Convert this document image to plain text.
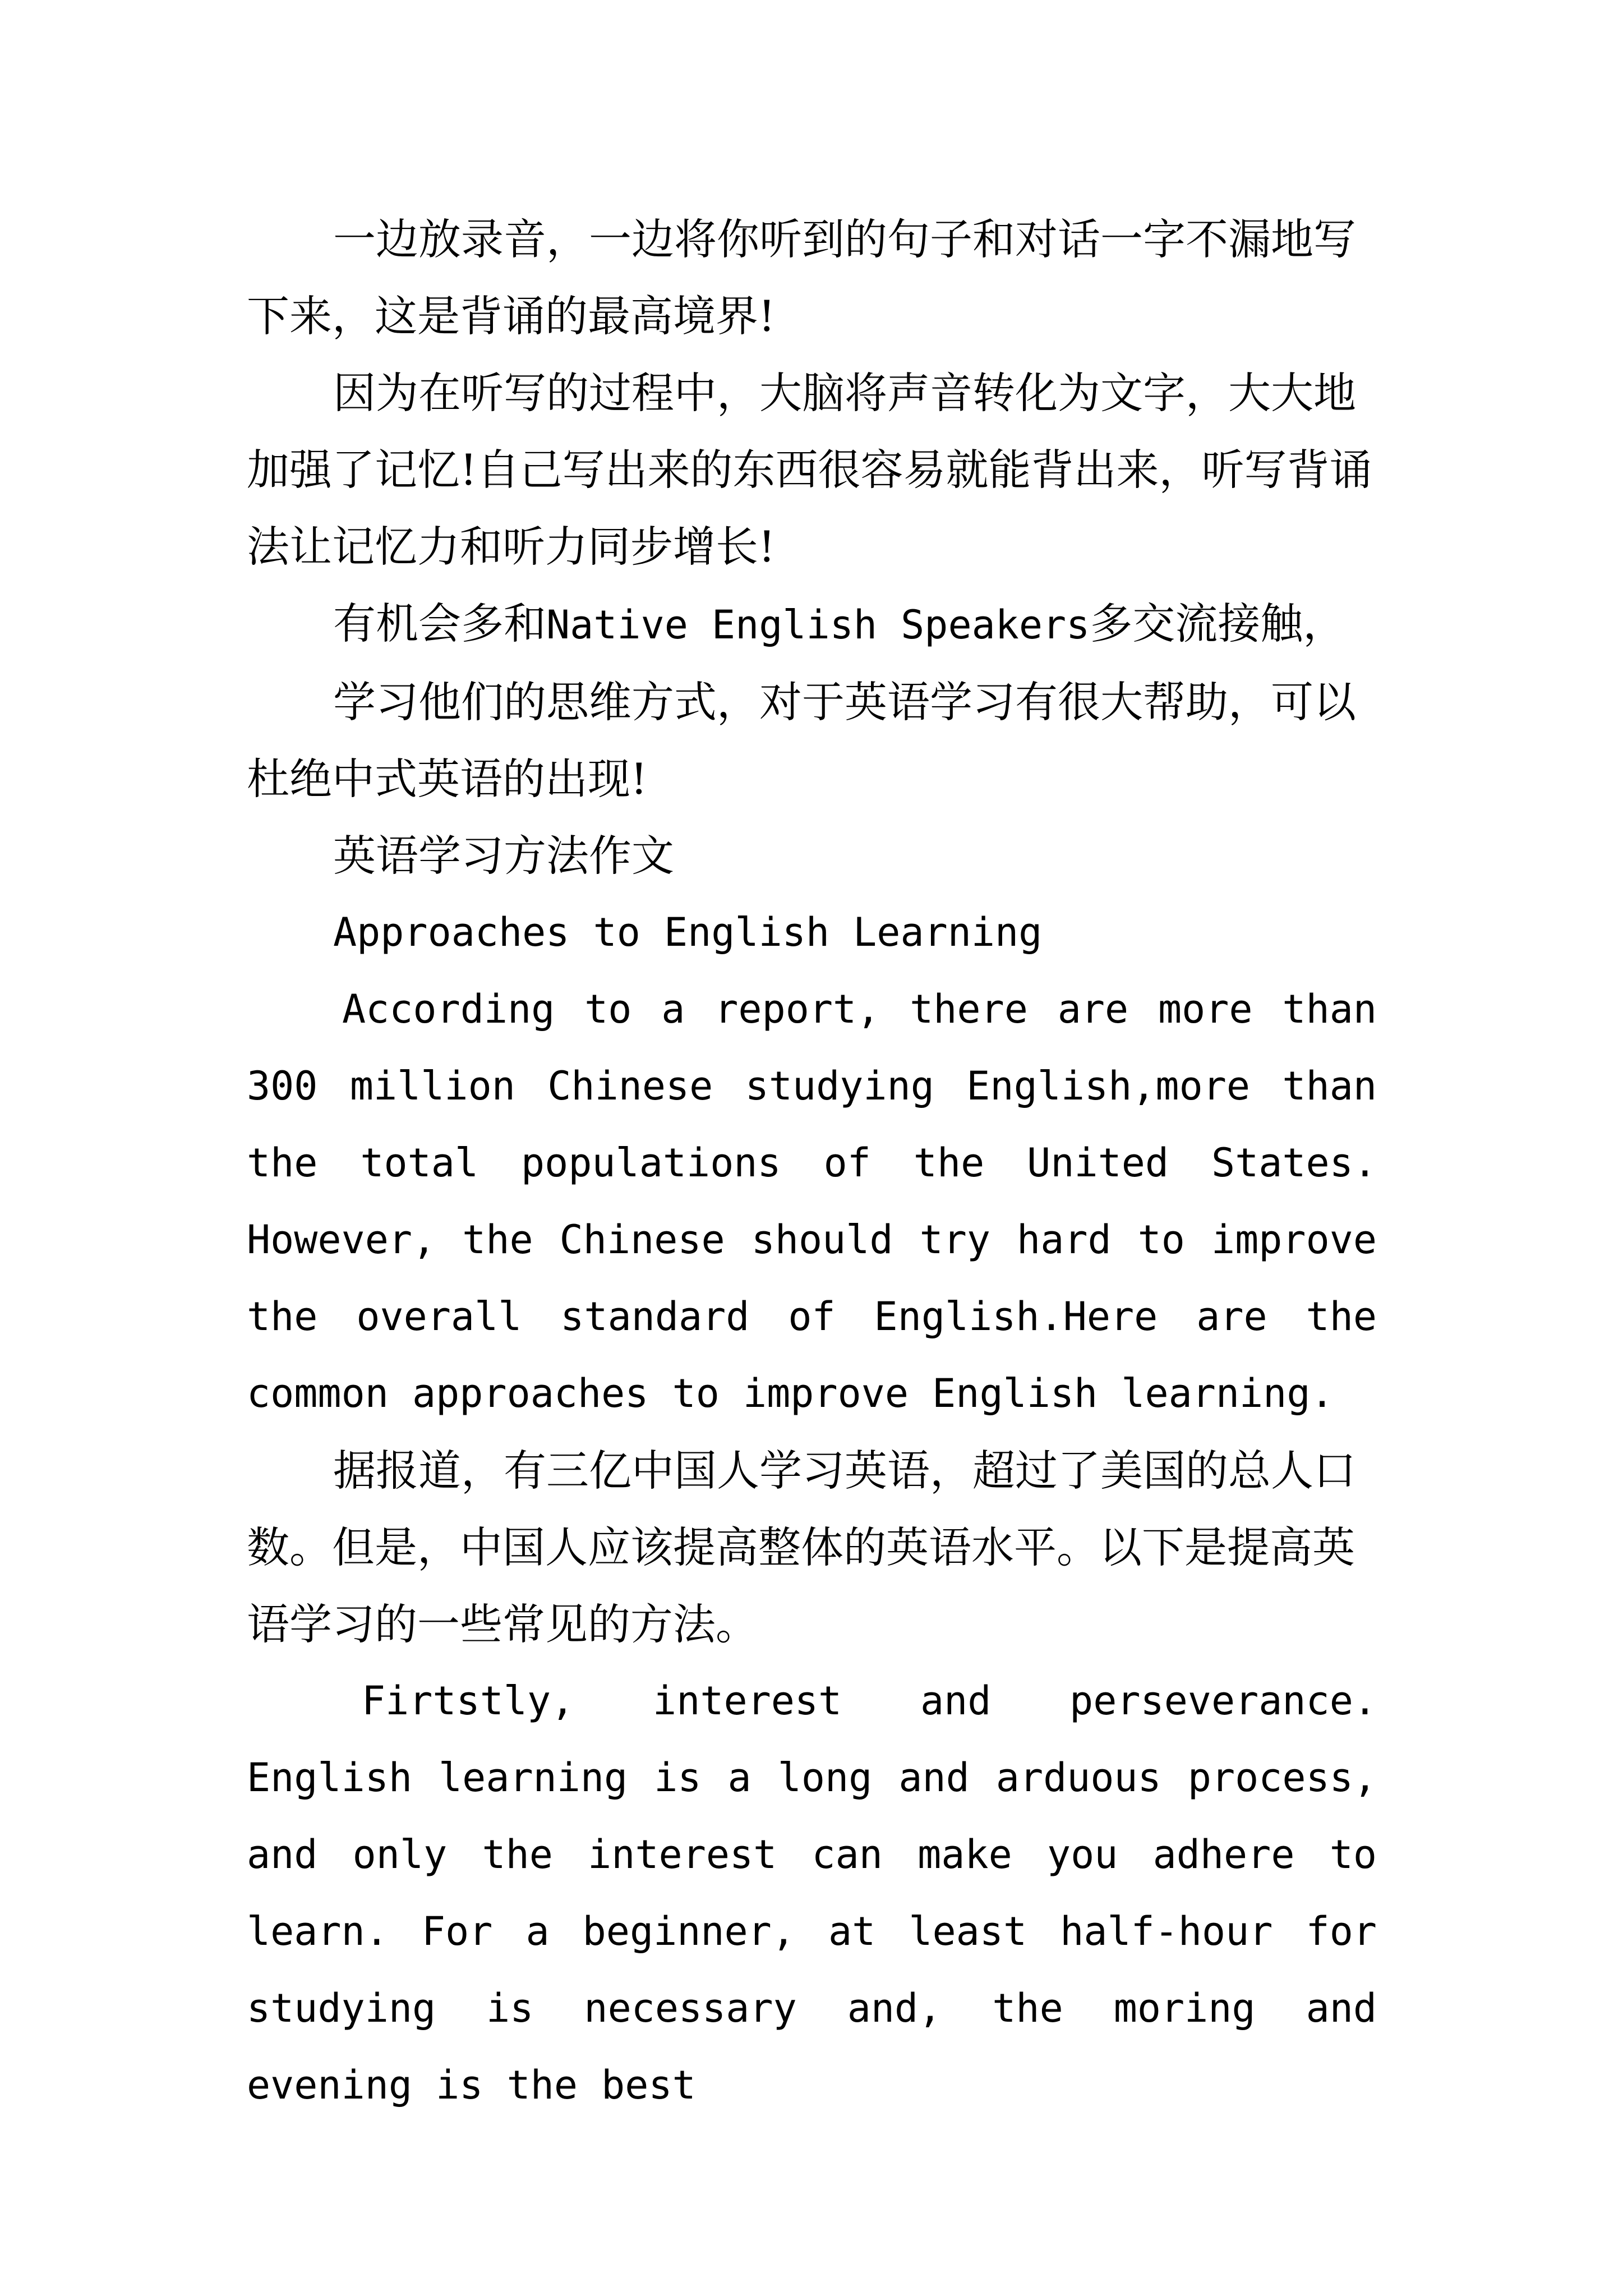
一边放录音，一边将你听到的句子和对话一字不漏地写下来，这是背诵的最高境界!

因为在听写的过程中，大脑将声音转化为文字，大大地加强了记忆!自己写出来的东西很容易就能背出来，听写背诵法让记忆力和听力同步增长!

有机会多和Native English Speakers多交流接触，

学习他们的思维方式，对于英语学习有很大帮助，可以杜绝中式英语的出现!

英语学习方法作文

Approaches to English Learning

According to a report, there are more than 300 million Chinese studying English,more than the total populations of the United States. However, the Chinese should try hard to improve the overall standard of English.Here are the common approaches to improve English learning.

据报道，有三亿中国人学习英语，超过了美国的总人口数。但是，中国人应该提高整体的英语水平。以下是提高英语学习的一些常见的方法。

Firtstly, interest and perseverance. English learning is a long and arduous process, and only the interest can make you adhere to learn. For a beginner, at least half-hour for studying is necessary and, the moring and evening is the best
